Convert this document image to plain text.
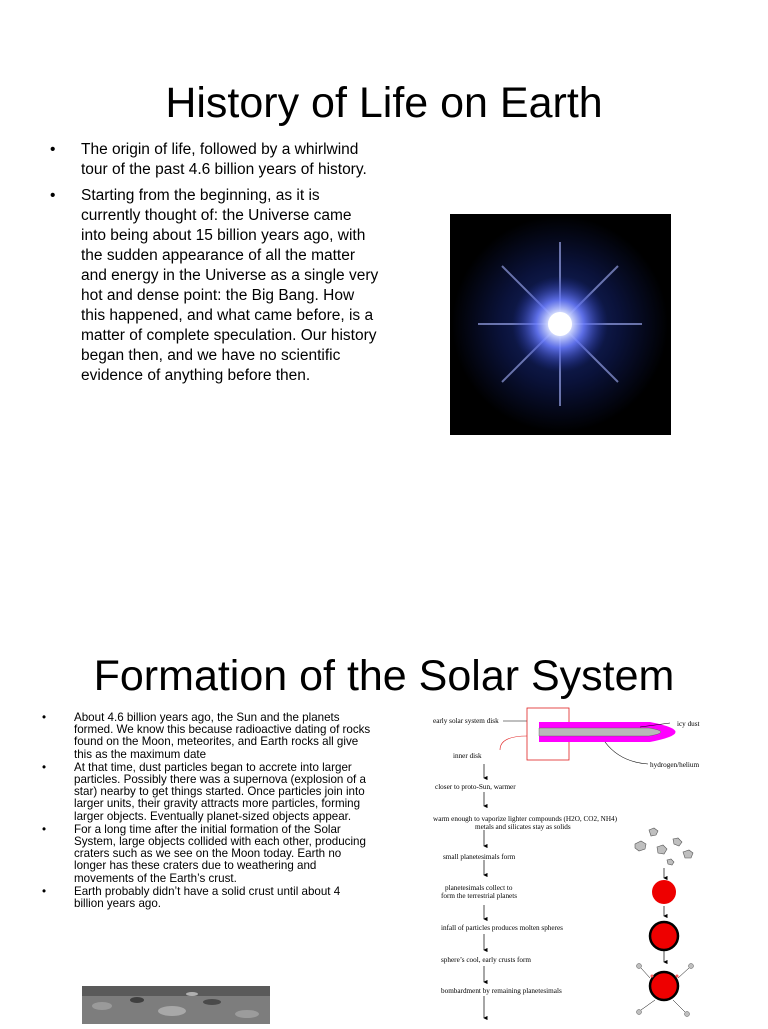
History of Life on Earth
• The origin of life, followed by a whirlwind tour of the past 4.6 billion years of history.
• Starting from the beginning, as it is currently thought of: the Universe came into being about 15 billion years ago, with the sudden appearance of all the matter and energy in the Universe as a single very hot and dense point: the Big Bang. How this happened, and what came before, is a matter of complete speculation. Our history began then, and we have no scientific evidence of anything before then.
Formation of the Solar System
• About 4.6 billion years ago, the Sun and the planets formed. We know this because radioactive dating of rocks found on the Moon, meteorites, and Earth rocks all give this as the maximum date
• At that time, dust particles began to accrete into larger particles. Possibly there was a supernova (explosion of a star) nearby to get things started. Once particles join into larger units, their gravity attracts more particles, forming larger objects. Eventually planet-sized objects appear.
• For a long time after the initial formation of the Solar System, large objects collided with each other, producing craters such as we see on the Moon today. Earth no longer has these craters due to weathering and movements of the Earth’s crust.
• Earth probably didn’t have a solid crust until about 4 billion years ago.
early solar system disk	icy dust
hydrogen/helium
inner disk
closer to proto-Sun, warmer
warm enough to vaporize lighter compounds (H2O, CO2, NH4)
metals and silicates stay as solids
small planetesimals form
planetesimals collect to
form the terrestrial planets
infall of particles produces molten spheres
sphere’s cool, early crusts form
bombardment by remaining planetesimals
